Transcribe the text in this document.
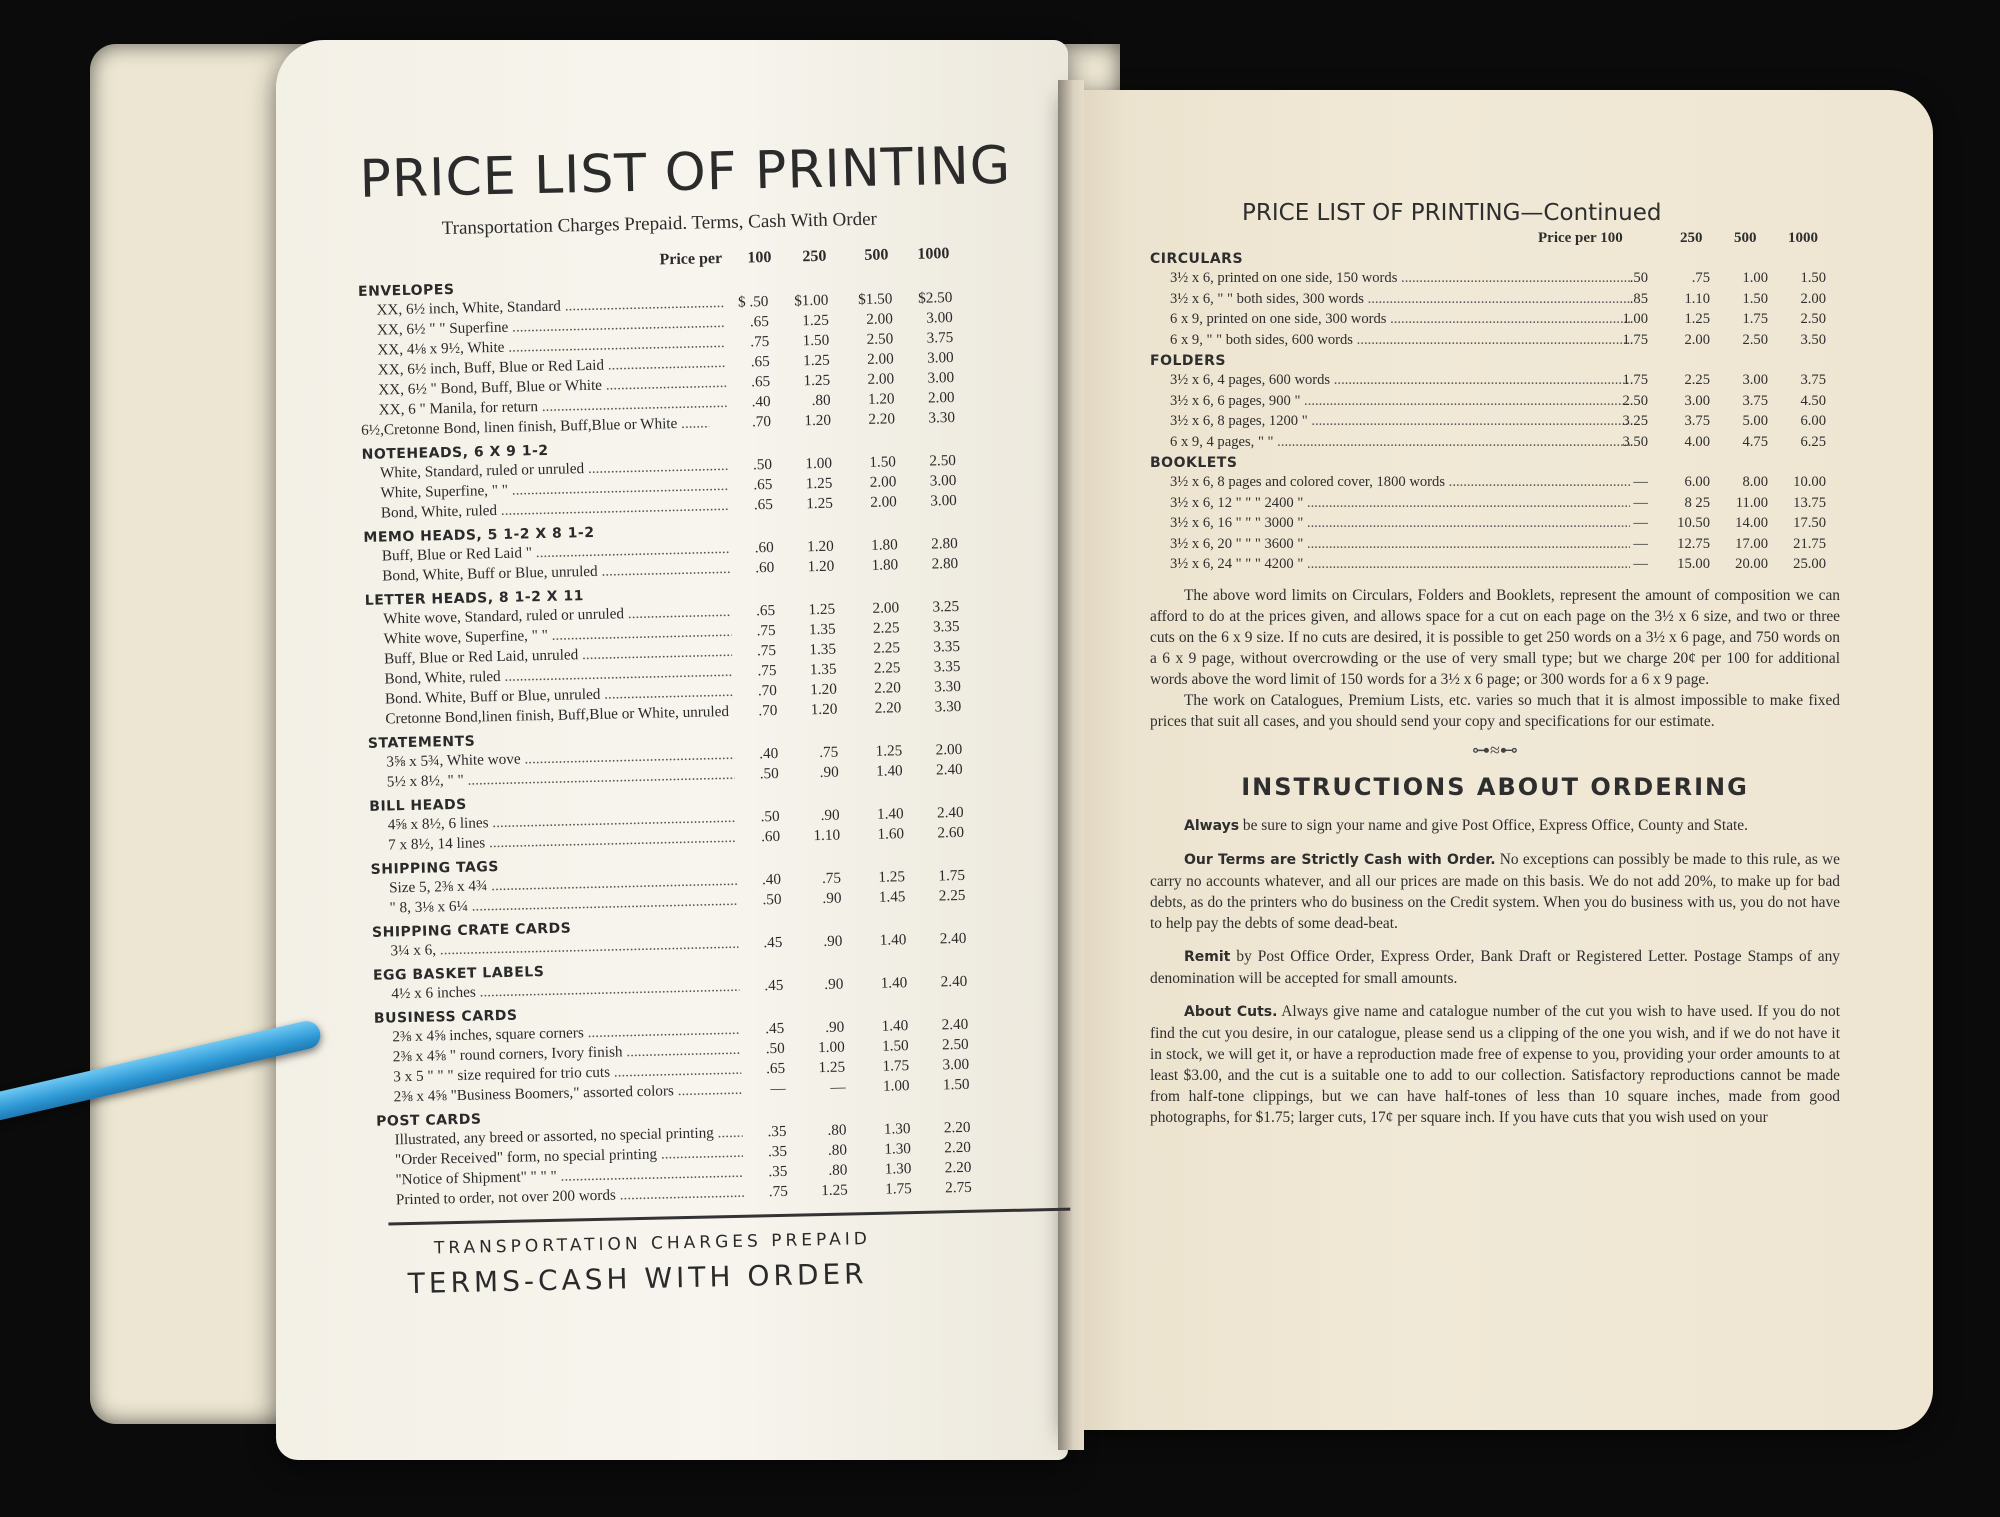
PRICE LIST OF PRINTING
Transportation Charges Prepaid. Terms, Cash With Order
Price per 100 250 500 1000
ENVELOPES
XX, 6½ inch, White, Standard .....	$ .50	$1.00	$1.50	$2.50
XX, 6½ " " Superfine .....	.65	1.25	2.00	3.00
XX, 4⅛ x 9½, White .....	.75	1.50	2.50	3.75
XX, 6½ inch, Buff, Blue or Red Laid .....	.65	1.25	2.00	3.00
XX, 6½ " Bond, Buff, Blue or White .....	.65	1.25	2.00	3.00
XX, 6 " Manila, for return .....	.40	.80	1.20	2.00
6½,Cretonne Bond, linen finish, Buff,Blue or White .....	.70	1.20	2.20	3.30
NOTEHEADS, 6 X 9 1-2
White, Standard, ruled or unruled .....	.50	1.00	1.50	2.50
White, Superfine, " " .....	.65	1.25	2.00	3.00
Bond, White, ruled .....	.65	1.25	2.00	3.00
MEMO HEADS, 5 1-2 X 8 1-2
Buff, Blue or Red Laid " .....	.60	1.20	1.80	2.80
Bond, White, Buff or Blue, unruled .....	.60	1.20	1.80	2.80
LETTER HEADS, 8 1-2 X 11
White wove, Standard, ruled or unruled .....	.65	1.25	2.00	3.25
White wove, Superfine, " " .....	.75	1.35	2.25	3.35
Buff, Blue or Red Laid, unruled .....	.75	1.35	2.25	3.35
Bond, White, ruled .....	.75	1.35	2.25	3.35
Bond. White, Buff or Blue, unruled .....	.70	1.20	2.20	3.30
Cretonne Bond,linen finish, Buff,Blue or White, unruled .....	.70	1.20	2.20	3.30
STATEMENTS
3⅝ x 5¾, White wove .....	.40	.75	1.25	2.00
5½ x 8½, " " .....	.50	.90	1.40	2.40
BILL HEADS
4⅝ x 8½, 6 lines .....	.50	.90	1.40	2.40
7 x 8½, 14 lines .....	.60	1.10	1.60	2.60
SHIPPING TAGS
Size 5, 2⅜ x 4¾ .....	.40	.75	1.25	1.75
" 8, 3⅛ x 6¼ .....	.50	.90	1.45	2.25
SHIPPING CRATE CARDS
3¼ x 6, .....	.45	.90	1.40	2.40
EGG BASKET LABELS
4½ x 6 inches .....	.45	.90	1.40	2.40
BUSINESS CARDS
2⅜ x 4⅝ inches, square corners .....	.45	.90	1.40	2.40
2⅜ x 4⅝ " round corners, Ivory finish .....	.50	1.00	1.50	2.50
3 x 5 " " " size required for trio cuts .....	.65	1.25	1.75	3.00
2⅜ x 4⅝ "Business Boomers," assorted colors .....	—	—	1.00	1.50
POST CARDS
Illustrated, any breed or assorted, no special printing .....	.35	.80	1.30	2.20
"Order Received" form, no special printing .....	.35	.80	1.30	2.20
"Notice of Shipment" " " " .....	.35	.80	1.30	2.20
Printed to order, not over 200 words .....	.75	1.25	1.75	2.75
TRANSPORTATION CHARGES PREPAID
TERMS-CASH WITH ORDER
PRICE LIST OF PRINTING—Continued
Price per 100	250 500 1000
CIRCULARS
3½ x 6, printed on one side, 150 words .....	.50	.75	1.00	1.50
3½ x 6, " " both sides, 300 words .....	.85	1.10	1.50	2.00
6 x 9, printed on one side, 300 words .....	1.00	1.25	1.75	2.50
6 x 9, " " both sides, 600 words .....	1.75	2.00	2.50	3.50
FOLDERS
3½ x 6, 4 pages, 600 words .....	1.75	2.25	3.00	3.75
3½ x 6, 6 pages, 900 " .....	2.50	3.00	3.75	4.50
3½ x 6, 8 pages, 1200 " .....	3.25	3.75	5.00	6.00
6 x 9, 4 pages, " " .....	3.50	4.00	4.75	6.25
BOOKLETS
3½ x 6, 8 pages and colored cover, 1800 words .....	—	6.00	8.00	10.00
3½ x 6, 12 " " " 2400 " .....	—	8 25	11.00	13.75
3½ x 6, 16 " " " 3000 " .....	—	10.50	14.00	17.50
3½ x 6, 20 " " " 3600 " .....	—	12.75	17.00	21.75
3½ x 6, 24 " " " 4200 " .....	—	15.00	20.00	25.00

The above word limits on Circulars, Folders and Booklets, represent the amount of composition we can afford to do at the prices given, and allows space for a cut on each page on the 3½ x 6 size, and two or three cuts on the 6 x 9 size. If no cuts are desired, it is possible to get 250 words on a 3½ x 6 page, and 750 words on a 6 x 9 page, without overcrowding or the use of very small type; but we charge 20¢ per 100 for additional words above the word limit of 150 words for a 3½ x 6 page; or 300 words for a 6 x 9 page.

The work on Catalogues, Premium Lists, etc. varies so much that it is almost impossible to make fixed prices that suit all cases, and you should send your copy and specifications for our estimate.

⊶≈⊷
INSTRUCTIONS ABOUT ORDERING

Always be sure to sign your name and give Post Office, Express Office, County and State.

Our Terms are Strictly Cash with Order. No exceptions can possibly be made to this rule, as we carry no accounts whatever, and all our prices are made on this basis. We do not add 20%, to make up for bad debts, as do the printers who do business on the Credit system. When you do business with us, you do not have to help pay the debts of some dead-beat.

Remit by Post Office Order, Express Order, Bank Draft or Registered Letter. Postage Stamps of any denomination will be accepted for small amounts.

About Cuts. Always give name and catalogue number of the cut you wish to have used. If you do not find the cut you desire, in our catalogue, please send us a clipping of the one you wish, and if we do not have it in stock, we will get it, or have a reproduction made free of expense to you, providing your order amounts to at least $3.00, and the cut is a suitable one to add to our collection. Satisfactory reproductions cannot be made from half-tone clippings, but we can have half-tones of less than 10 square inches, made from good photographs, for $1.75; larger cuts, 17¢ per square inch. If you have cuts that you wish used on your
